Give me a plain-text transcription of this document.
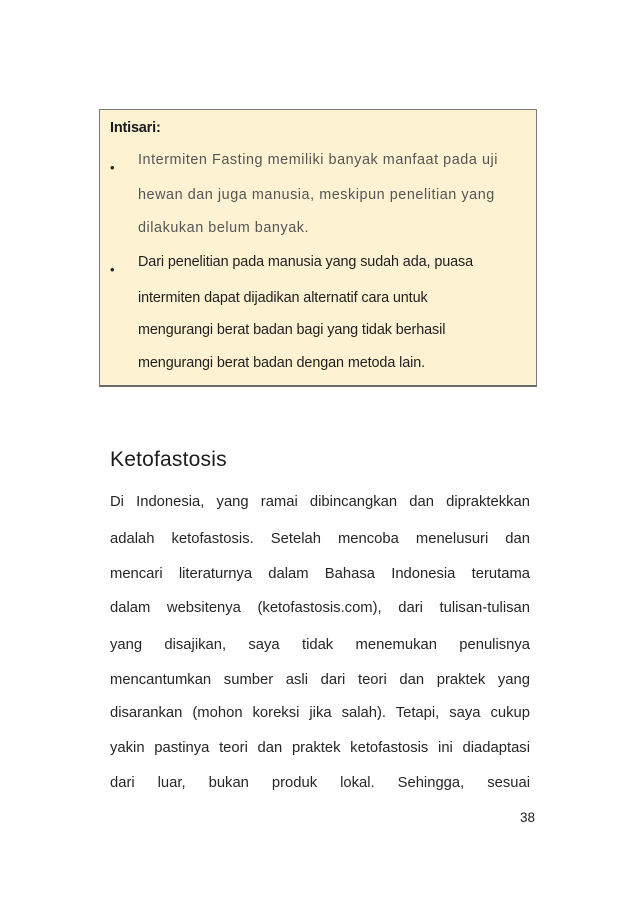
Intisari:
• Intermiten Fasting memiliki banyak manfaat pada uji
hewan dan juga manusia, meskipun penelitian yang
dilakukan belum banyak.
• Dari penelitian pada manusia yang sudah ada, puasa
intermiten dapat dijadikan alternatif cara untuk
mengurangi berat badan bagi yang tidak berhasil
mengurangi berat badan dengan metoda lain.
Ketofastosis
Di Indonesia, yang ramai dibincangkan dan dipraktekkan
adalah ketofastosis. Setelah mencoba menelusuri dan
mencari literaturnya dalam Bahasa Indonesia terutama
dalam websitenya (ketofastosis.com), dari tulisan-tulisan
yang disajikan, saya tidak menemukan penulisnya
mencantumkan sumber asli dari teori dan praktek yang
disarankan (mohon koreksi jika salah). Tetapi, saya cukup
yakin pastinya teori dan praktek ketofastosis ini diadaptasi
dari luar, bukan produk lokal. Sehingga, sesuai
38
